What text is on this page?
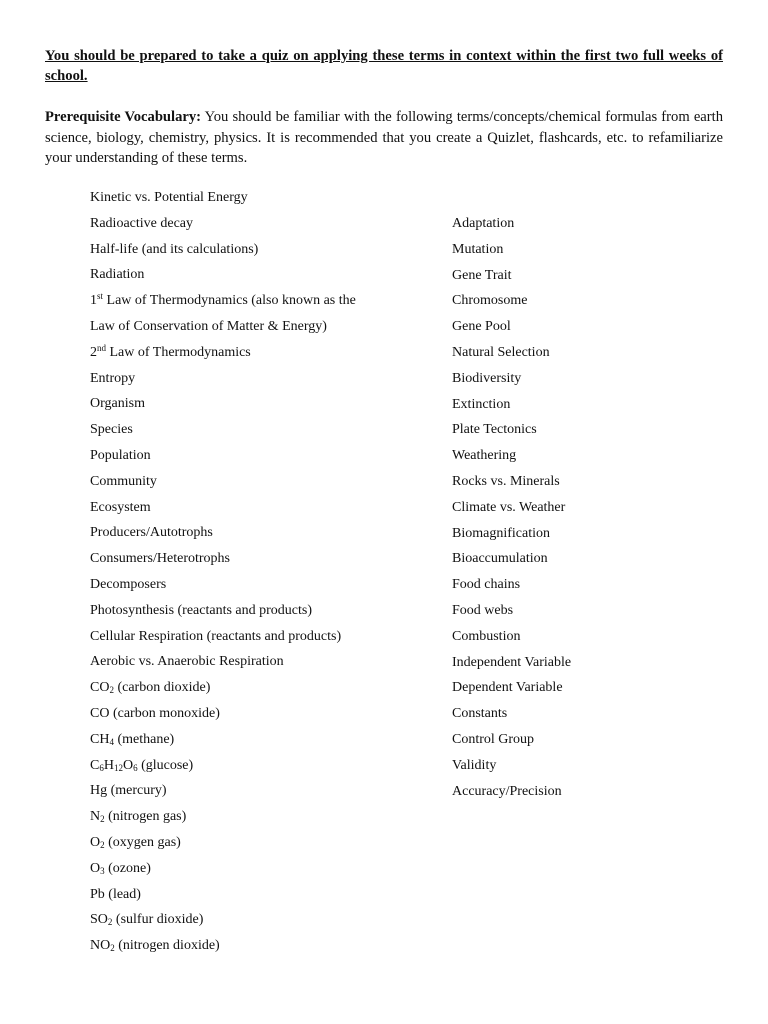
You should be prepared to take a quiz on applying these terms in context within the first two full weeks of school.
Prerequisite Vocabulary: You should be familiar with the following terms/concepts/chemical formulas from earth science, biology, chemistry, physics. It is recommended that you create a Quizlet, flashcards, etc. to refamiliarize your understanding of these terms.
Kinetic vs. Potential Energy
Radioactive decay
Half-life (and its calculations)
Radiation
1st Law of Thermodynamics (also known as the
Law of Conservation of Matter & Energy)
2nd Law of Thermodynamics
Entropy
Organism
Species
Population
Community
Ecosystem
Producers/Autotrophs
Consumers/Heterotrophs
Decomposers
Photosynthesis (reactants and products)
Cellular Respiration (reactants and products)
Aerobic vs. Anaerobic Respiration
$CO_2$ (carbon dioxide)
CO (carbon monoxide)
$CH_4$ (methane)
$C_6H_{12}O_6$ (glucose)
Hg (mercury)
$N_2$ (nitrogen gas)
$O_2$ (oxygen gas)
$O_3$ (ozone)
Pb (lead)
$SO_2$ (sulfur dioxide)
$NO_2$ (nitrogen dioxide)
Adaptation
Mutation
Gene Trait
Chromosome
Gene Pool
Natural Selection
Biodiversity
Extinction
Plate Tectonics
Weathering
Rocks vs. Minerals
Climate vs. Weather
Biomagnification
Bioaccumulation
Food chains
Food webs
Combustion
Independent Variable
Dependent Variable
Constants
Control Group
Validity
Accuracy/Precision
